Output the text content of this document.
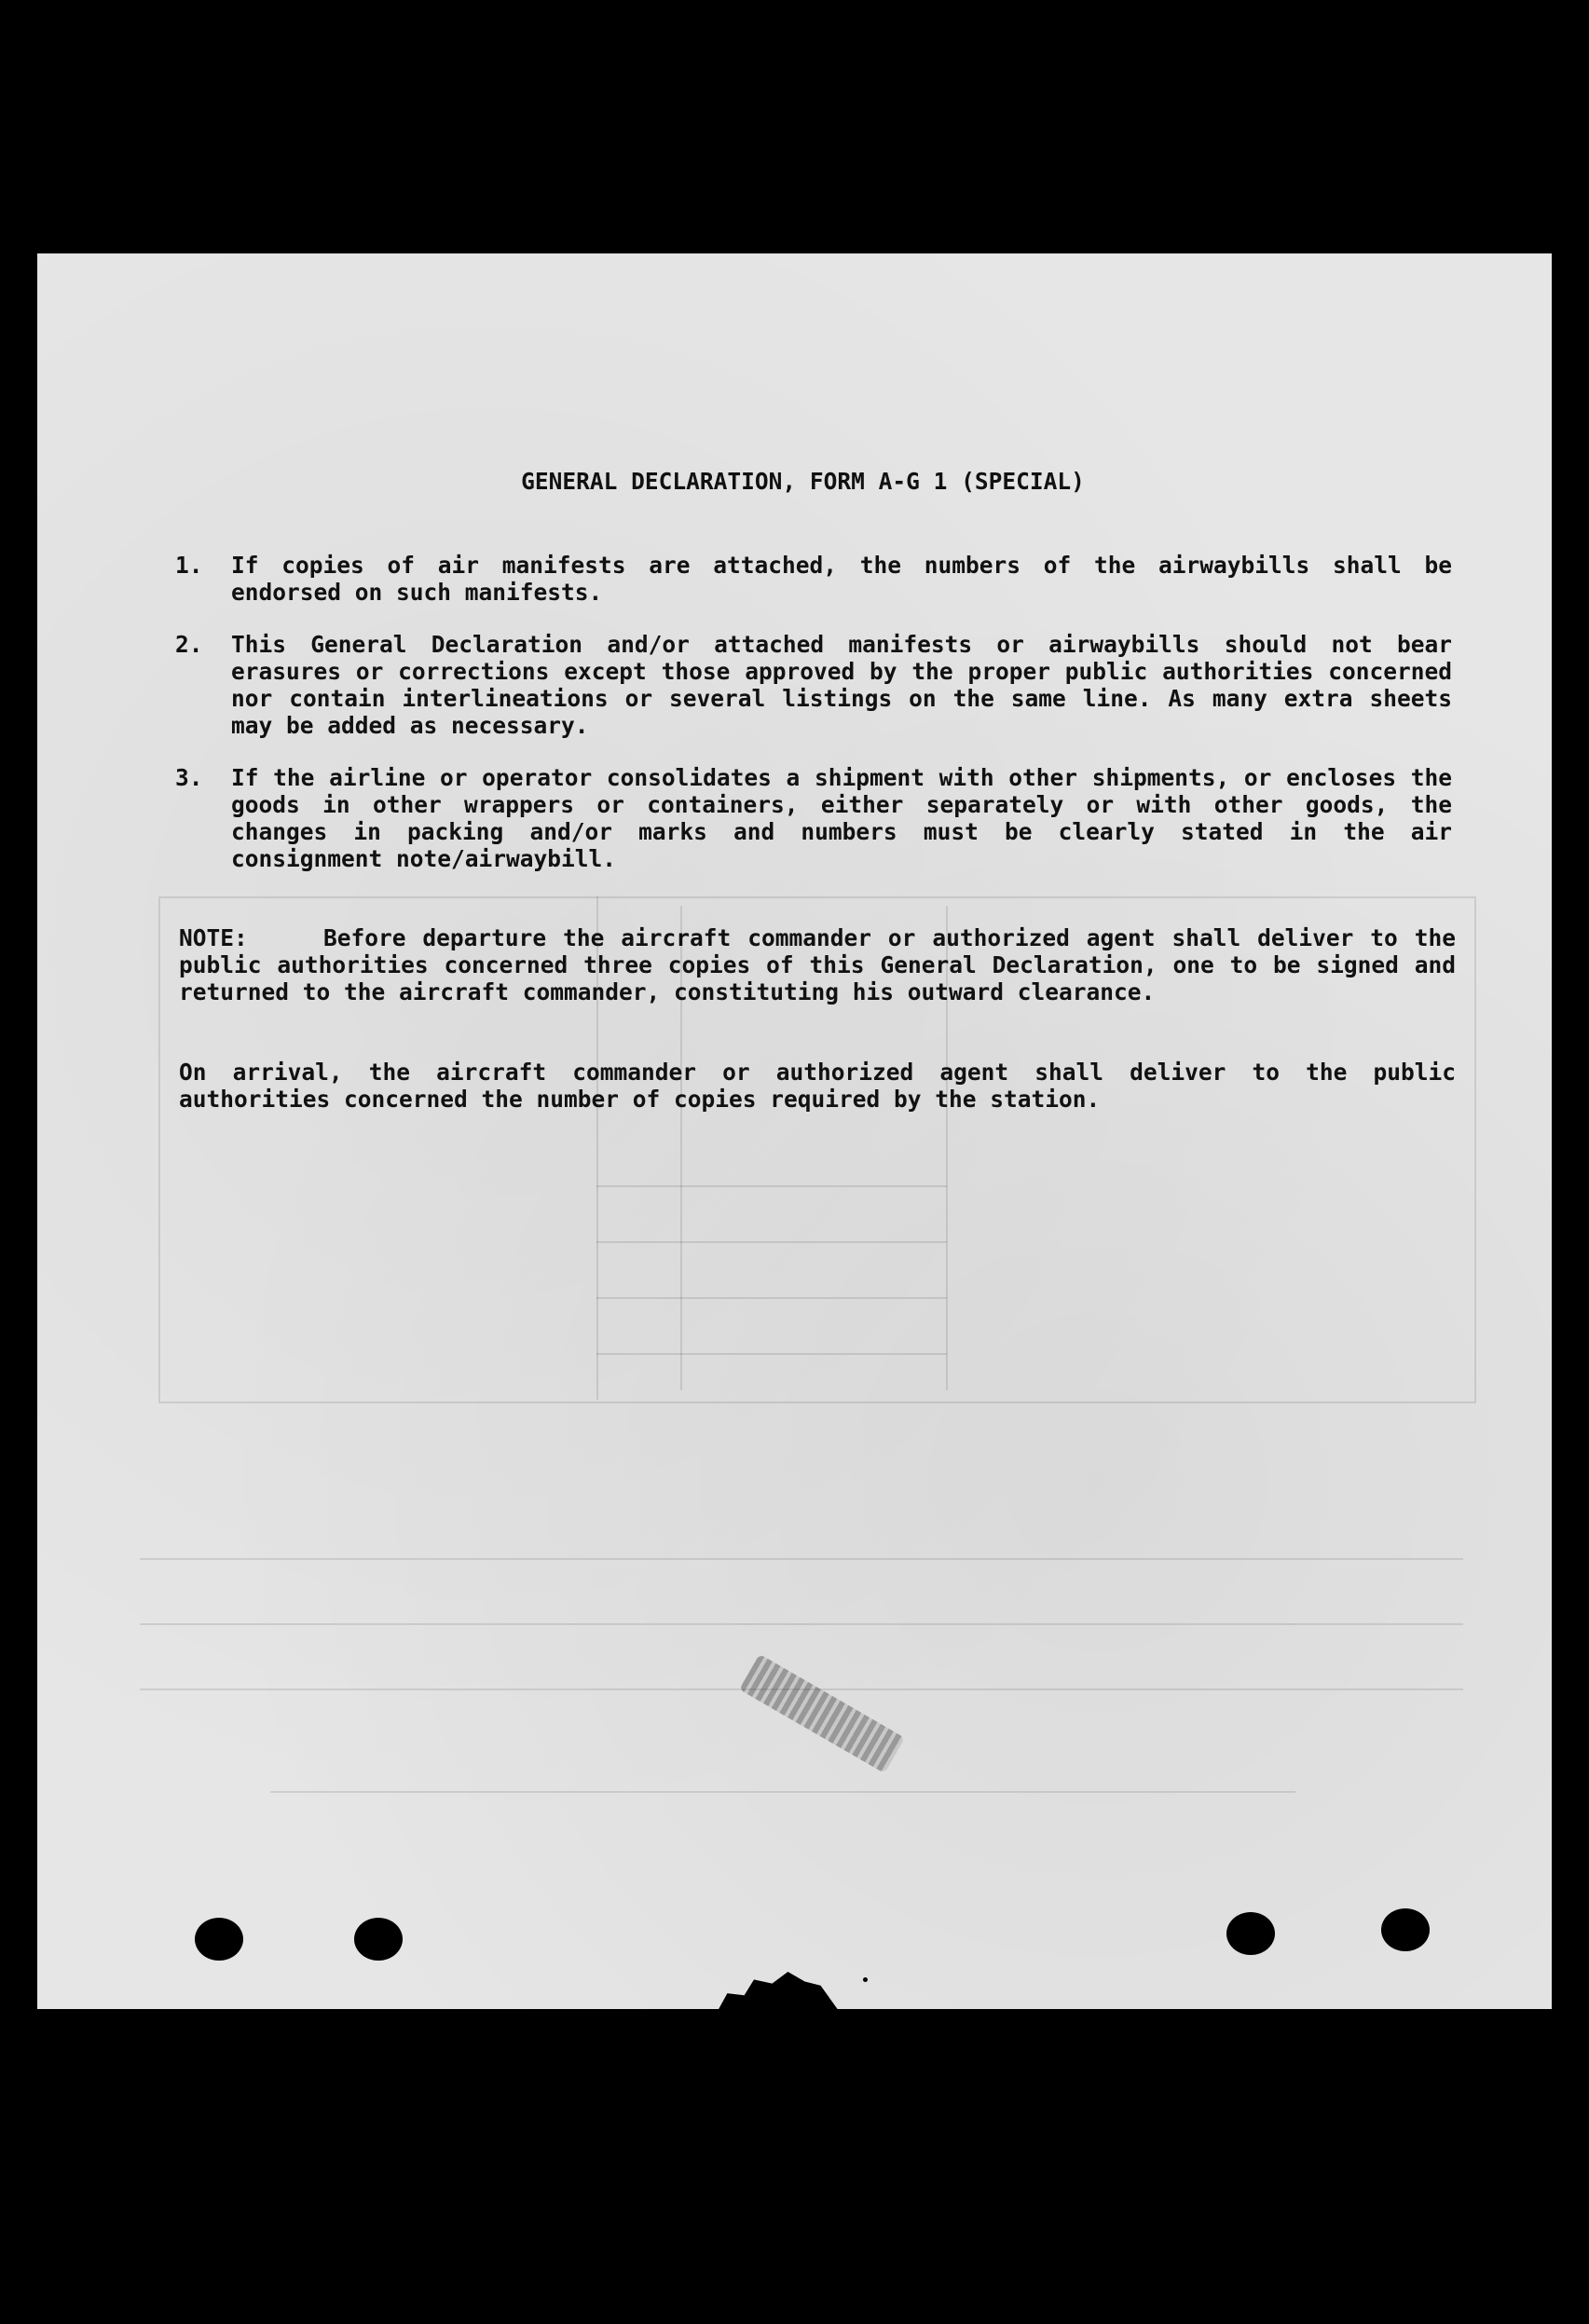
GENERAL DECLARATION, FORM A-G 1 (SPECIAL)
1. If copies of air manifests are attached, the numbers of the airwaybills shall be endorsed on such manifests.
2. This General Declaration and/or attached manifests or airwaybills should not bear erasures or corrections except those approved by the proper public authorities concerned nor contain interlineations or several listings on the same line. As many extra sheets may be added as necessary.
3. If the airline or operator consolidates a shipment with other shipments, or encloses the goods in other wrappers or containers, either separately or with other goods, the changes in packing and/or marks and numbers must be clearly stated in the air consignment note/airwaybill.
NOTE:	Before departure the aircraft commander or authorized agent shall deliver to the public authorities concerned three copies of this General Declaration, one to be signed and returned to the aircraft commander, constituting his outward clearance.
On arrival, the aircraft commander or authorized agent shall deliver to the public authorities concerned the number of copies required by the station.
